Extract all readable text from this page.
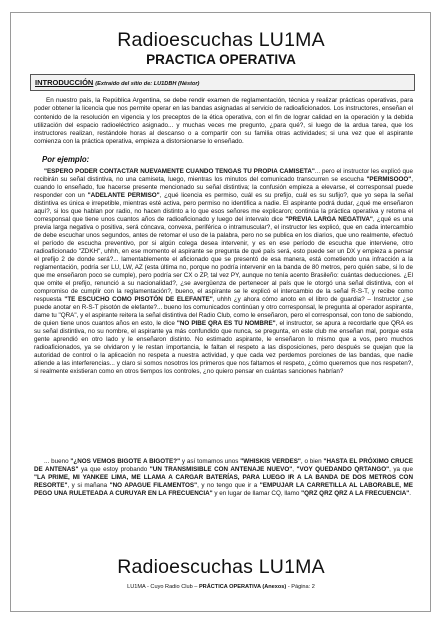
Radioescuchas LU1MA
PRACTICA OPERATIVA
INTRODUCCIÓN (Extraído del sitio de: LU1DBH (Néstor)

En nuestro país, la República Argentina, se debe rendir examen de reglamentación, técnica y realizar prácticas operativas, para poder obtener la licencia que nos permite operar en las bandas asignadas al servicio de radioaficionados. Los instructores, enseñan el contenido de la resolución en vigencia y los preceptos de la ética operativa, con el fin de lograr calidad en la operación y la debida utilización del espacio radioeléctrico asignado... y muchas veces me pregunto, ¿para qué?, si luego de la ardua tarea, que los instructores realizan, restándole horas al descanso o a compartir con su familia otras actividades; si una vez que el aspirante comienza con la práctica operativa, empieza a distorsionarse lo enseñado.

Por ejemplo:

"ESPERO PODER CONTACTAR NUEVAMENTE CUANDO TENGAS TU PROPIA CAMISETA"... pero el instructor les explicó que recibirán su señal distintiva, no una camiseta, luego, mientras los minutos del comunicado transcurren se escucha "PERMISOOO", cuando lo enseñado, fue hacerse presente mencionado su señal distintiva; la confusión empieza a elevarse, el corresponsal puede responder con un "ADELANTE PERMISO", ¿qué licencia es permiso, cuál es su prefijo, cuál es su sufijo?, que yo sepa la señal distintiva es única e irrepetible, mientras esté activa, pero permiso no identifica a nadie. El aspirante podrá dudar, ¿qué me enseñaron aquí?, si los que hablan por radio, no hacen distinto a lo que esos señores me explicaron; continúa la práctica operativa y retoma el corresponsal que tiene unos cuantos años de radioaficionado y luego del intervalo dice "PREVIA LARGA NEGATIVA", ¿qué es una previa larga negativa o positiva, será cóncava, convexa, periférica o intramuscular?, el instructor les explicó, que en cada intercambio de debe escuchar unos segundos, antes de retomar el uso de la palabra, pero no se publica en los diarios, que uno realmente, efectuó el período de escucha preventivo, por si algún colega desea intervenir, y es en ese período de escucha que interviene, otro radioaficionado "ZDKH", uhhh, en ese momento el aspirante se pregunta de qué país será, esto puede ser un DX y empieza a pensar el prefijo 2 de donde será?... lamentablemente el aficionado que se presentó de esa manera, está cometiendo una infracción a la reglamentación, podría ser LU, LW, AZ (esta última no, porque no podría intervenir en la banda de 80 metros, pero quién sabe, si lo de que me enseñaron poco se cumple), pero podría ser CX o ZP, tal vez PY, aunque no tenía acento Brasileño: cuántas deducciones. ¿El que omite el prefijo, renunció a su nacionalidad?, ¿se avergüenza de pertenecer al país que le otorgó una señal distintiva, con el compromiso de cumplir con la reglamentación?, bueno, el aspirante se le explicó el intercambio de la señal R-S-T, y recibe como respuesta "TE ESCUCHO COMO PISOTÓN DE ELEFANTE", uhhh ¿y ahora cómo anoto en el libro de guardia? – Instructor ¿se puede anotar en R-S-T pisotón de elefante?... bueno los comunicados continúan y otro corresponsal, le pregunta al operador aspirante, dame tu "QRA", y el aspirante reitera la señal distintiva del Radio Club, como le enseñaron, pero el corresponsal, con tono de sabiondo, de quien tiene unos cuantos años en esto, le dice "NO PIBE QRA ES TU NOMBRE", el instructor, se apura a recordarle que QRA es su señal distintiva, no su nombre, el aspirante ya más confundido que nunca, se pregunta, en este club me enseñan mal, porque esta gente aprendió en otro lado y le enseñaron distinto. No estimado aspirante, le enseñaron lo mismo que a vos, pero muchos radioaficionados, ya se olvidaron y le restan importancia, le faltan el respeto a las disposiciones, pero después se quejan que la autoridad de control o la aplicación no respeta a nuestra actividad, y que cada vez perdemos porciones de las bandas, que nadie atiende a las interferencias... y claro si somos nosotros los primeros que nos faltamos el respeto, ¿cómo queremos que nos respeten?, si realmente existieran como en otros tiempos los controles, ¿no quiero pensar en cuántas sanciones habrían?

... bueno "¿NOS VEMOS BIGOTE A BIGOTE?" y así tomamos unos "WHISKIS VERDES", o bien "HASTA EL PRÓXIMO CRUCE DE ANTENAS" ya que estoy probando "UN TRANSMISIBLE CON ANTENAJE NUEVO", "VOY QUEDANDO QRTANGO", ya que "LA PRIME, MI YANKEE LIMA, ME LLAMA A CARGAR BATERÍAS, PARA LUEGO IR A LA BANDA DE DOS METROS CON RESORTE", y si mañana "NO APAGUE FILAMENTOS", y no tengo que ir a "EMPUJAR LA CARRETILLA AL LABORABLE, ME PEGO UNA RULETEADA A CURUYAR EN LA FRECUENCIA" y en lugar de llamar CQ, llamo "QRZ QRZ QRZ A LA FRECUENCIA".

Radioescuchas LU1MA

LU1MA - Cuyo Radio Club – PRÁCTICA OPERATIVA (Anexos) - Página: 2
